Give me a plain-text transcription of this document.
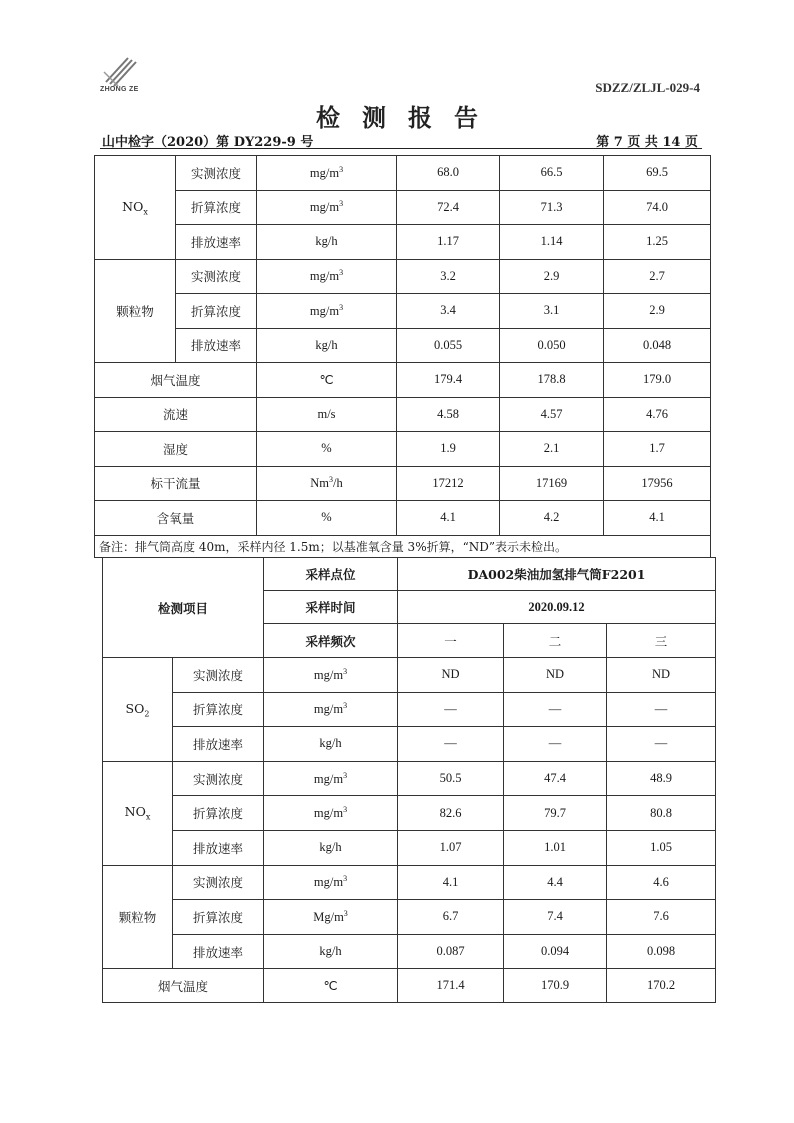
ZHONG ZE	SDZZ/ZLJL-029-4
检测报告
山中检字（2020）第 DY229-9 号	第 7 页 共 14 页
$NO_x$	实测浓度	$mg/m^3$	68.0	66.5	69.5
	折算浓度	$mg/m^3$	72.4	71.3	74.0
	排放速率	kg/h	1.17	1.14	1.25
颗粒物	实测浓度	$mg/m^3$	3.2	2.9	2.7
	折算浓度	$mg/m^3$	3.4	3.1	2.9
	排放速率	kg/h	0.055	0.050	0.048
烟气温度		℃	179.4	178.8	179.0
流速		m/s	4.58	4.57	4.76
湿度		%	1.9	2.1	1.7
标干流量		Nm$^3$/h	17212	17169	17956
含氧量		%	4.1	4.2	4.1
备注：排气筒高度 40m，采样内径 1.5m；以基准氧含量 3%折算，“ND”表示未检出。					
检测项目		采样点位	DA002柴油加氢排气筒F2201		
		采样时间	2020.09.12		
		采样频次	一	二	三
$SO_2$	实测浓度	$mg/m^3$	ND	ND	ND
	折算浓度	$mg/m^3$	—	—	—
	排放速率	kg/h	—	—	—
$NO_x$	实测浓度	$mg/m^3$	50.5	47.4	48.9
	折算浓度	$mg/m^3$	82.6	79.7	80.8
	排放速率	kg/h	1.07	1.01	1.05
颗粒物	实测浓度	$mg/m^3$	4.1	4.4	4.6
	折算浓度	$Mg/m^3$	6.7	7.4	7.6
	排放速率	kg/h	0.087	0.094	0.098
烟气温度		℃	171.4	170.9	170.2
